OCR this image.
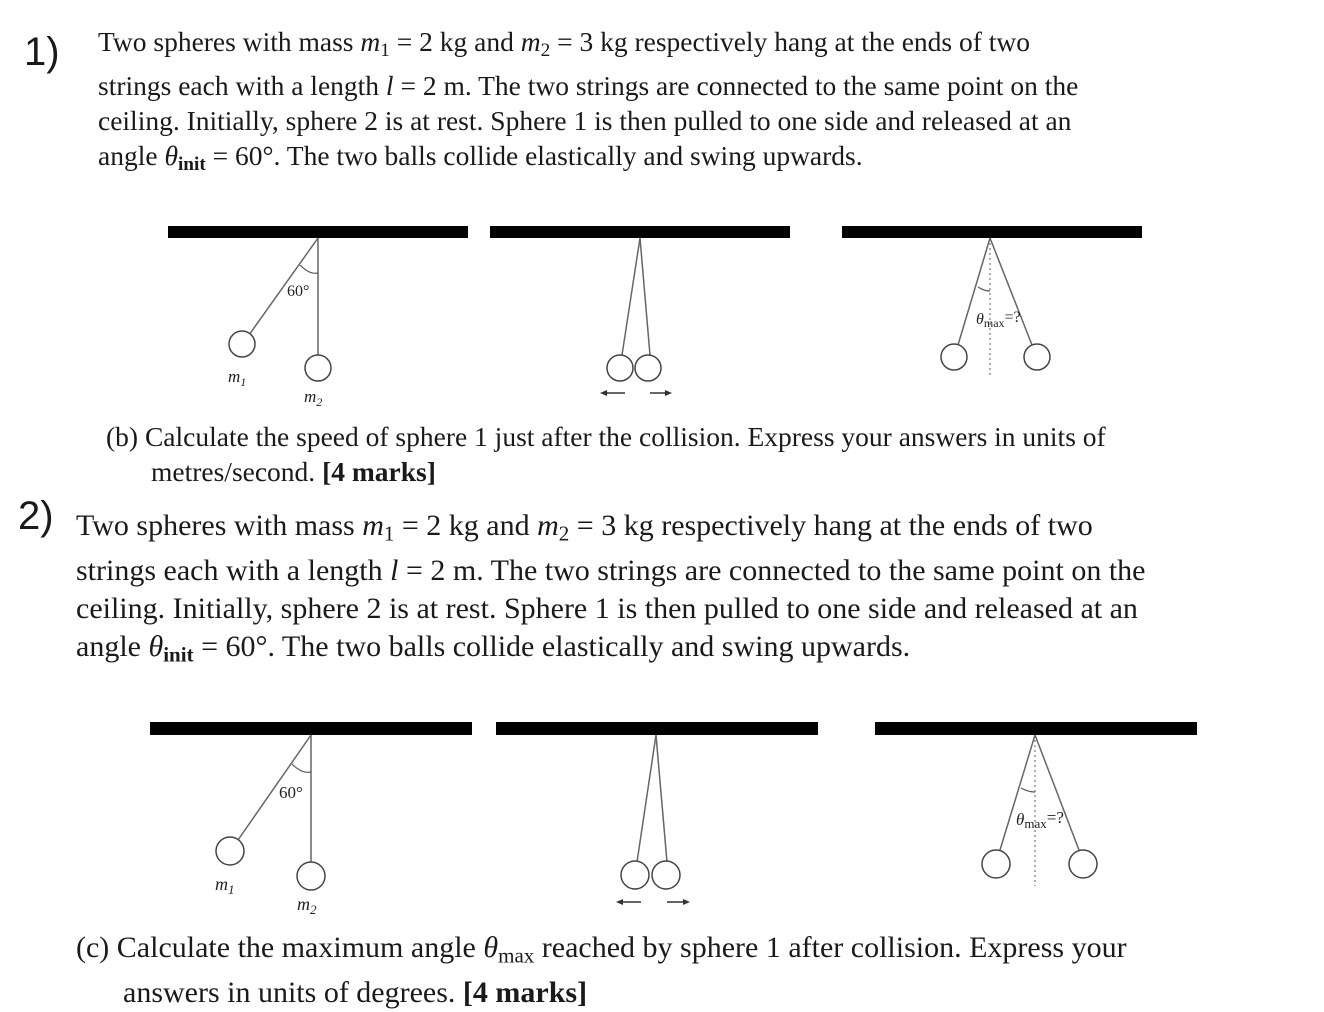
1) Two spheres with mass $m_1 = 2$ kg and $m_2 = 3$ kg respectively hang at the ends of two
strings each with a length l = 2 m. The two strings are connected to the same point on the
ceiling. Initially, sphere 2 is at rest. Sphere 1 is then pulled to one side and released at an
angle $\theta_{init} = 60^\circ$. The two balls collide elastically and swing upwards.
60°
$m_1$
$m_2$
θmax=?
(b) Calculate the speed of sphere 1 just after the collision. Express your answers in units of
metres/second. [4 marks]
2) Two spheres with mass $m_1 = 2$ kg and $m_2 = 3$ kg respectively hang at the ends of two
strings each with a length l = 2 m. The two strings are connected to the same point on the
ceiling. Initially, sphere 2 is at rest. Sphere 1 is then pulled to one side and released at an
angle $\theta_{init} = 60^\circ$. The two balls collide elastically and swing upwards.
60°
$m_1$
$m_2$
θmax=?
(c) Calculate the maximum angle $\theta_{max}$ reached by sphere 1 after collision. Express your
answers in units of degrees. [4 marks]
